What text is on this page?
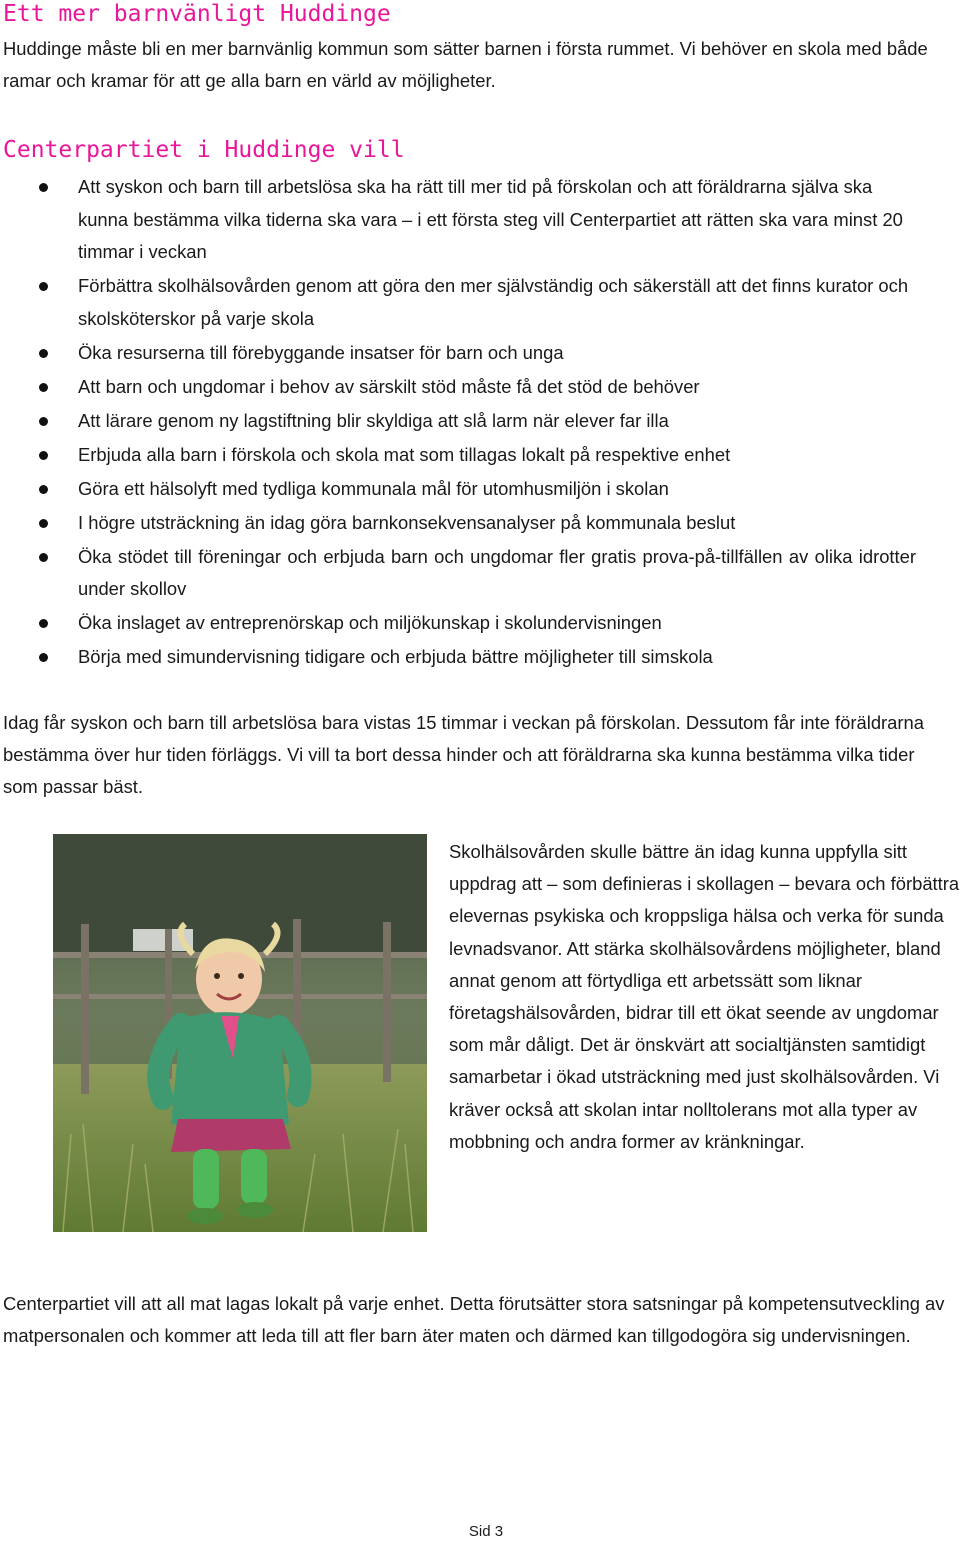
Ett mer barnvänligt Huddinge

Huddinge måste bli en mer barnvänlig kommun som sätter barnen i första rummet. Vi behöver en skola med både ramar och kramar för att ge alla barn en värld av möjligheter.

Centerpartiet i Huddinge vill
Att syskon och barn till arbetslösa ska ha rätt till mer tid på förskolan och att föräldrarna själva ska kunna bestämma vilka tiderna ska vara – i ett första steg vill Centerpartiet att rätten ska vara minst 20 timmar i veckan
Förbättra skolhälsovården genom att göra den mer självständig och säkerställ att det finns kurator och skolsköterskor på varje skola
Öka resurserna till förebyggande insatser för barn och unga
Att barn och ungdomar i behov av särskilt stöd måste få det stöd de behöver
Att lärare genom ny lagstiftning blir skyldiga att slå larm när elever far illa
Erbjuda alla barn i förskola och skola mat som tillagas lokalt på respektive enhet
Göra ett hälsolyft med tydliga kommunala mål för utomhusmiljön i skolan
I högre utsträckning än idag göra barnkonsekvensanalyser på kommunala beslut
Öka stödet till föreningar och erbjuda barn och ungdomar fler gratis prova-på-tillfällen av olika idrotter under skollov
Öka inslaget av entreprenörskap och miljökunskap i skolundervisningen
Börja med simundervisning tidigare och erbjuda bättre möjligheter till simskola

Idag får syskon och barn till arbetslösa bara vistas 15 timmar i veckan på förskolan. Dessutom får inte föräldrarna bestämma över hur tiden förläggs. Vi vill ta bort dessa hinder och att föräldrarna ska kunna bestämma vilka tider som passar bäst.

Skolhälsovården skulle bättre än idag kunna uppfylla sitt uppdrag att – som definieras i skollagen – bevara och förbättra elevernas psykiska och kroppsliga hälsa och verka för sunda levnadsvanor. Att stärka skolhälsovårdens möjligheter, bland annat genom att förtydliga ett arbetssätt som liknar företagshälsovården, bidrar till ett ökat seende av ungdomar som mår dåligt. Det är önskvärt att socialtjänsten samtidigt samarbetar i ökad utsträckning med just skolhälsovården. Vi kräver också att skolan intar nolltolerans mot alla typer av mobbning och andra former av kränkningar.

Centerpartiet vill att all mat lagas lokalt på varje enhet. Detta förutsätter stora satsningar på kompetensutveckling av matpersonalen och kommer att leda till att fler barn äter maten och därmed kan tillgodogöra sig undervisningen.

Sid 3
